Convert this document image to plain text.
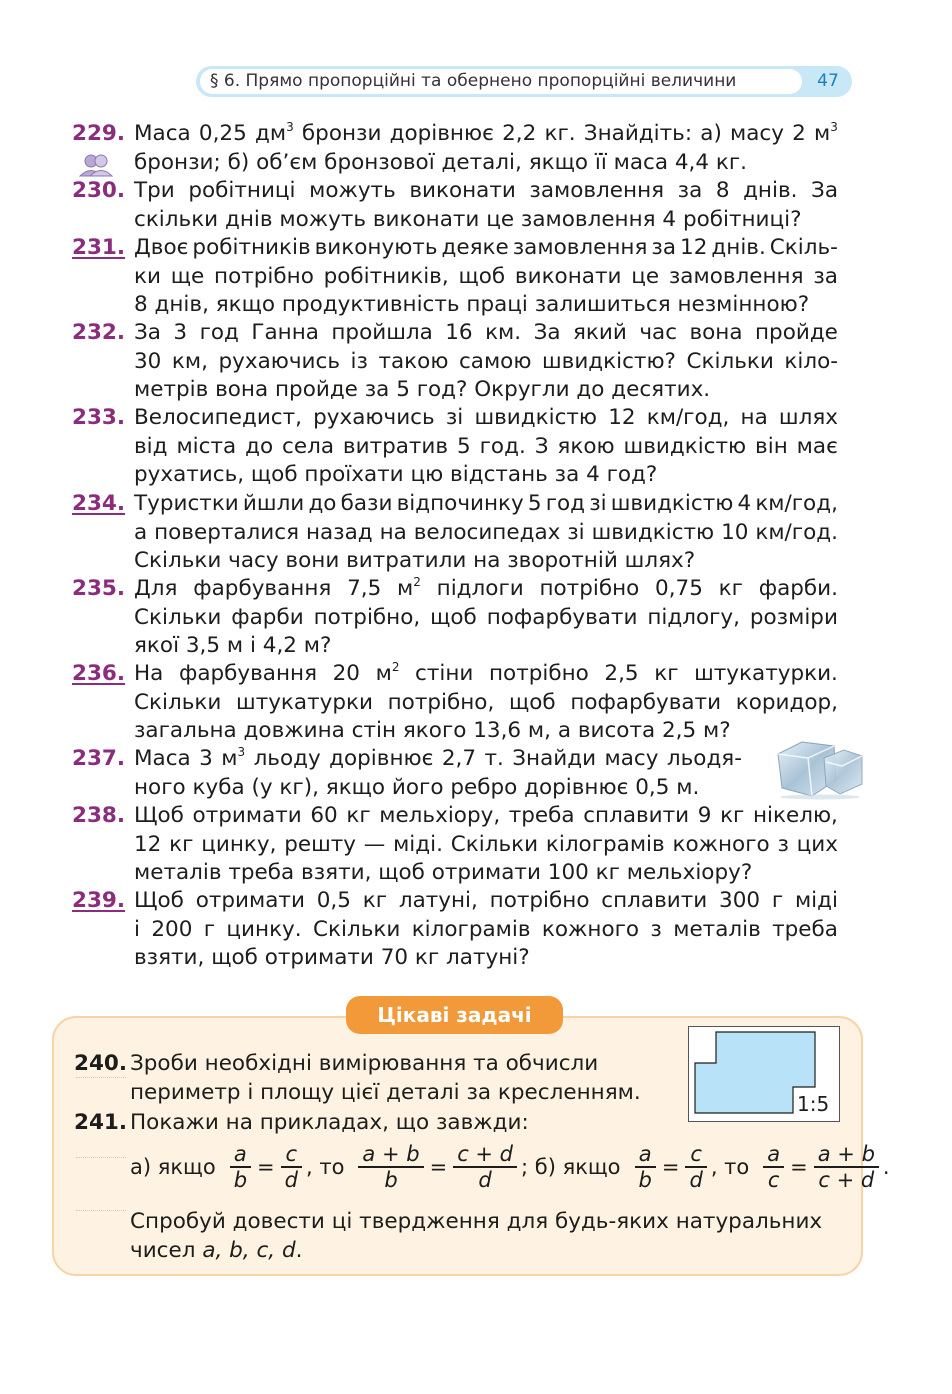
§ 6. Прямо пропорційні та обернено пропорційні величини	47
229. Маса 0,25 $дм^3$ бронзи дорівнює 2,2 кг. Знайдіть: а) масу 2 $м^3$
бронзи; б) об’єм бронзової деталі, якщо її маса 4,4 кг.
230. Три робітниці можуть виконати замовлення за 8 днів. За
скільки днів можуть виконати це замовлення 4 робітниці?
231. Двоє робітників виконують деяке замовлення за 12 днів. Скіль-
ки ще потрібно робітників, щоб виконати це замовлення за
8 днів, якщо продуктивність праці залишиться незмінною?
232. За 3 год Ганна пройшла 16 км. За який час вона пройде
30 км, рухаючись із такою самою швидкістю? Скільки кіло-
метрів вона пройде за 5 год? Округли до десятих.
233. Велосипедист, рухаючись зі швидкістю 12 км/год, на шлях
від міста до села витратив 5 год. З якою швидкістю він має
рухатись, щоб проїхати цю відстань за 4 год?
234. Туристки йшли до бази відпочинку 5 год зі швидкістю 4 км/год,
а поверталися назад на велосипедах зі швидкістю 10 км/год.
Скільки часу вони витратили на зворотній шлях?
235. Для фарбування 7,5 $м^2$ підлоги потрібно 0,75 кг фарби.
Скільки фарби потрібно, щоб пофарбувати підлогу, розміри
якої 3,5 м і 4,2 м?
236. На фарбування 20 $м^2$ стіни потрібно 2,5 кг штукатурки.
Скільки штукатурки потрібно, щоб пофарбувати коридор,
загальна довжина стін якого 13,6 м, а висота 2,5 м?
237. Маса 3 $м^3$ льоду дорівнює 2,7 т. Знайди масу льодя-
ного куба (у кг), якщо його ребро дорівнює 0,5 м.
238. Щоб отримати 60 кг мельхіору, треба сплавити 9 кг нікелю,
12 кг цинку, решту — міді. Скільки кілограмів кожного з цих
металів треба взяти, щоб отримати 100 кг мельхіору?
239. Щоб отримати 0,5 кг латуні, потрібно сплавити 300 г міді
і 200 г цинку. Скільки кілограмів кожного з металів треба
взяти, щоб отримати 70 кг латуні?
Цікаві задачі
240. Зроби необхідні вимірювання та обчисли
периметр і площу цієї деталі за кресленням.
241. Покажи на прикладах, що завжди:
1:5
а) якщо $\frac{a}{b} = \frac{c}{d}$ , то $\frac{a + b}{b} = \frac{c + d}{d}$ ; б) якщо $\frac{a}{b} = \frac{c}{d}$ , то $\frac{a}{c} = \frac{a + b}{c + d}$ .
Спробуй довести ці твердження для будь-яких натуральних
чисел a, b, c, d.
